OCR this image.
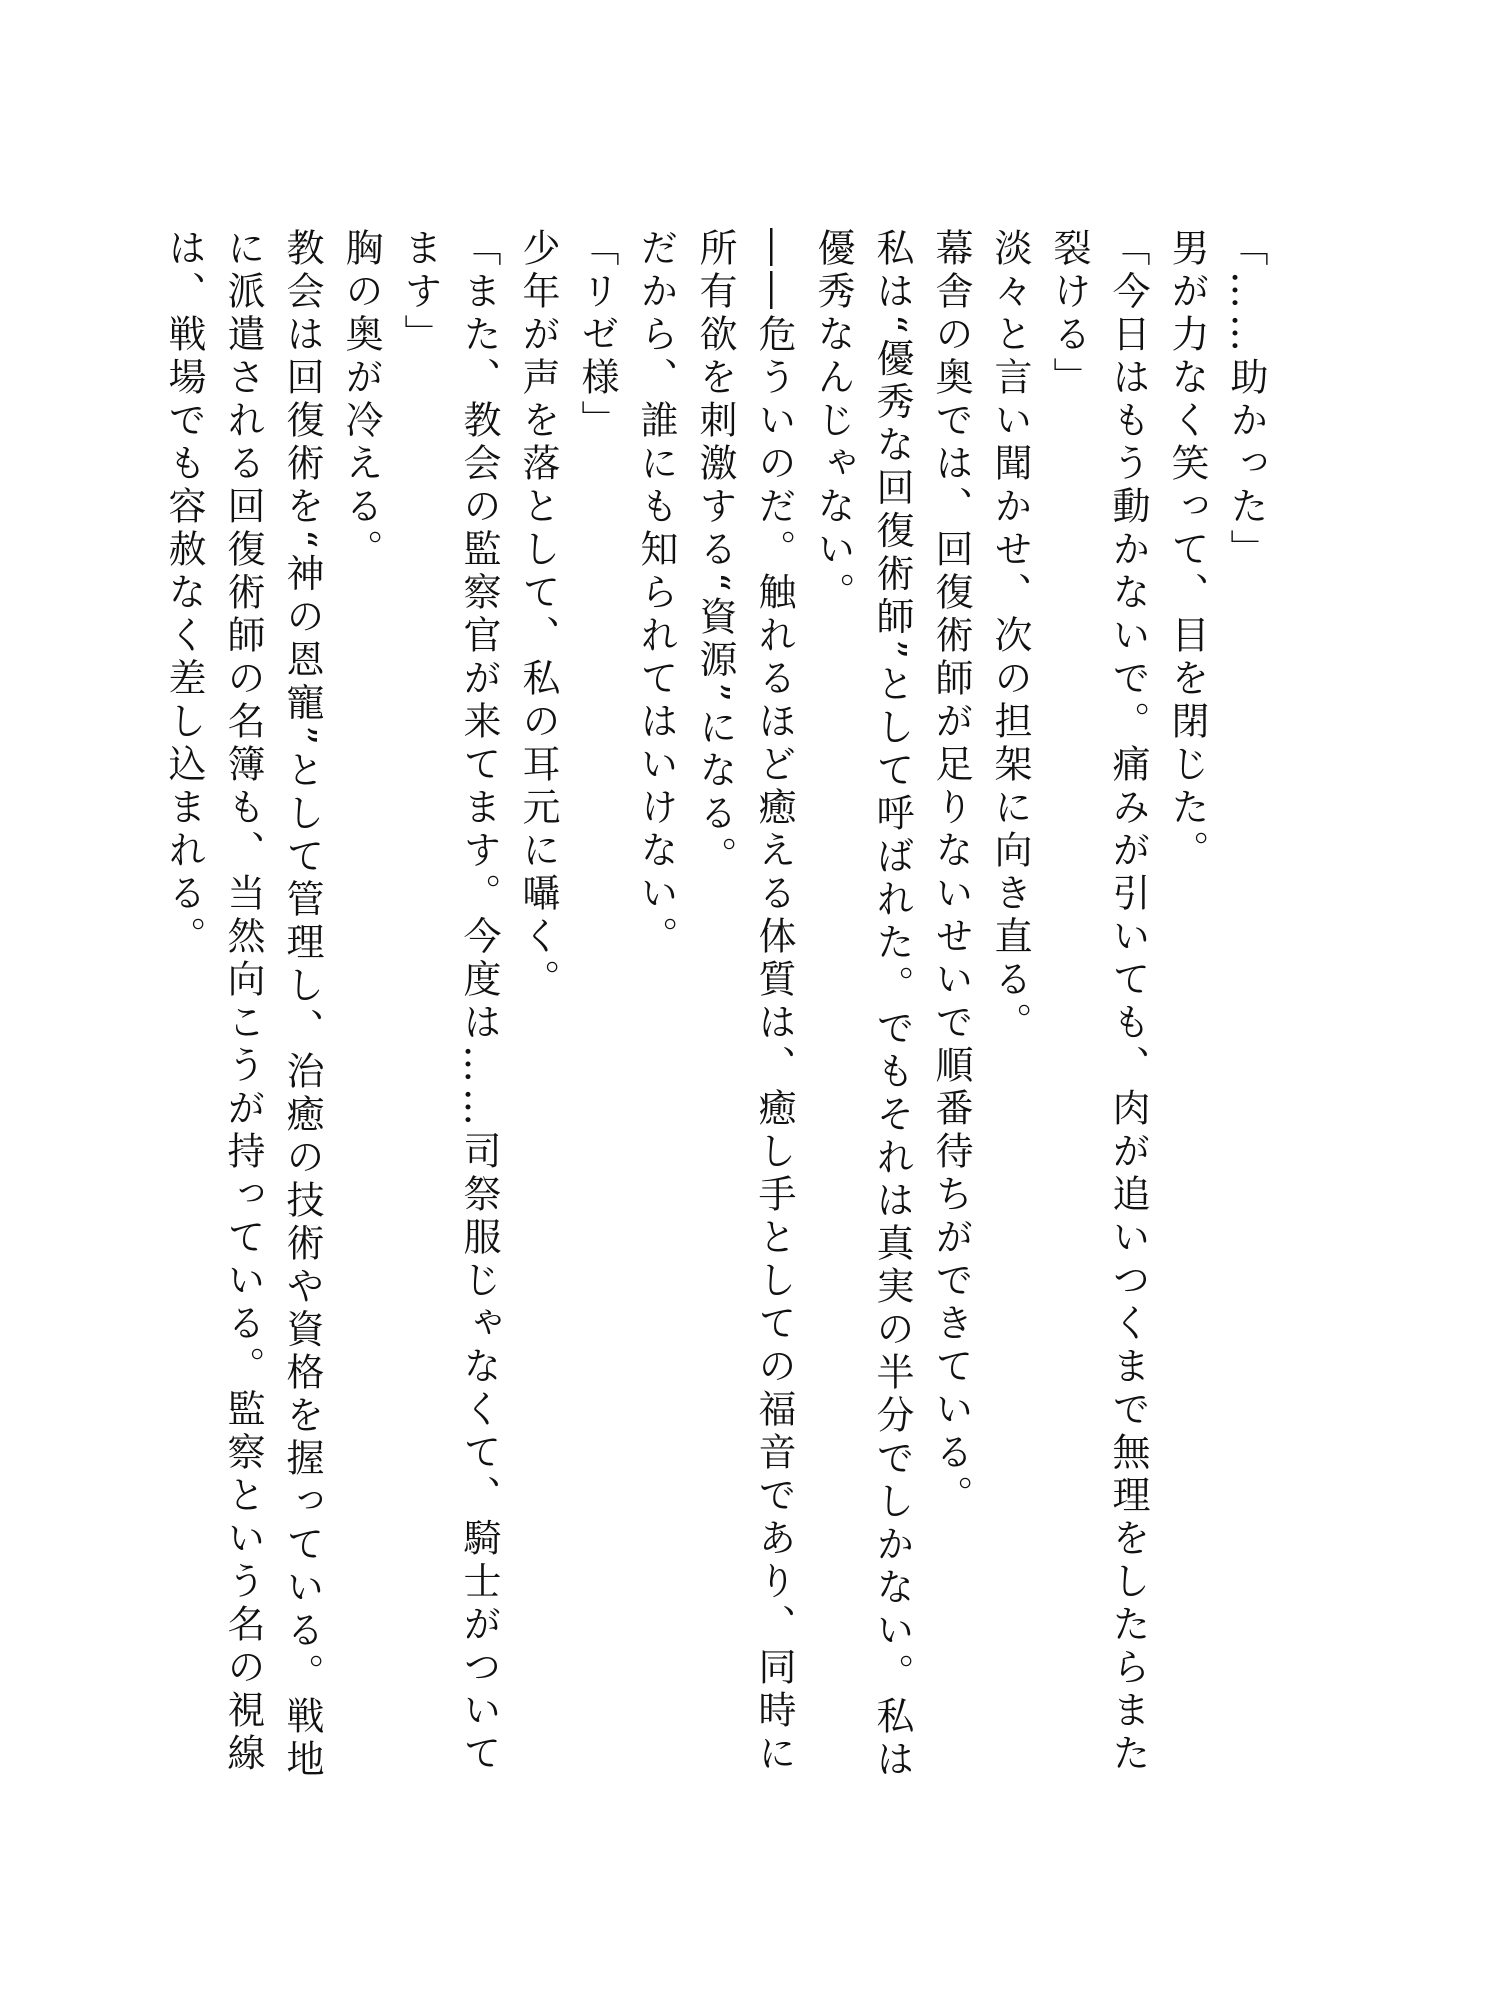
「……助かった」

男が力なく笑って、目を閉じた。

「今日はもう動かないで。痛みが引いても、肉が追いつくまで無理をしたらまた裂ける」

淡々と言い聞かせ、次の担架に向き直る。

幕舎の奥では、回復術師が足りないせいで順番待ちができている。

私は“優秀な回復術師”として呼ばれた。でもそれは真実の半分でしかない。私は優秀なんじゃない。

――危ういのだ。触れるほど癒える体質は、癒し手としての福音であり、同時に所有欲を刺激する“資源”になる。

だから、誰にも知られてはいけない。

「リゼ様」

少年が声を落として、私の耳元に囁く。

「また、教会の監察官が来てます。今度は……司祭服じゃなくて、騎士がついてます」

胸の奥が冷える。

教会は回復術を“神の恩寵”として管理し、治癒の技術や資格を握っている。戦地に派遣される回復術師の名簿も、当然向こうが持っている。監察という名の視線は、戦場でも容赦なく差し込まれる。
